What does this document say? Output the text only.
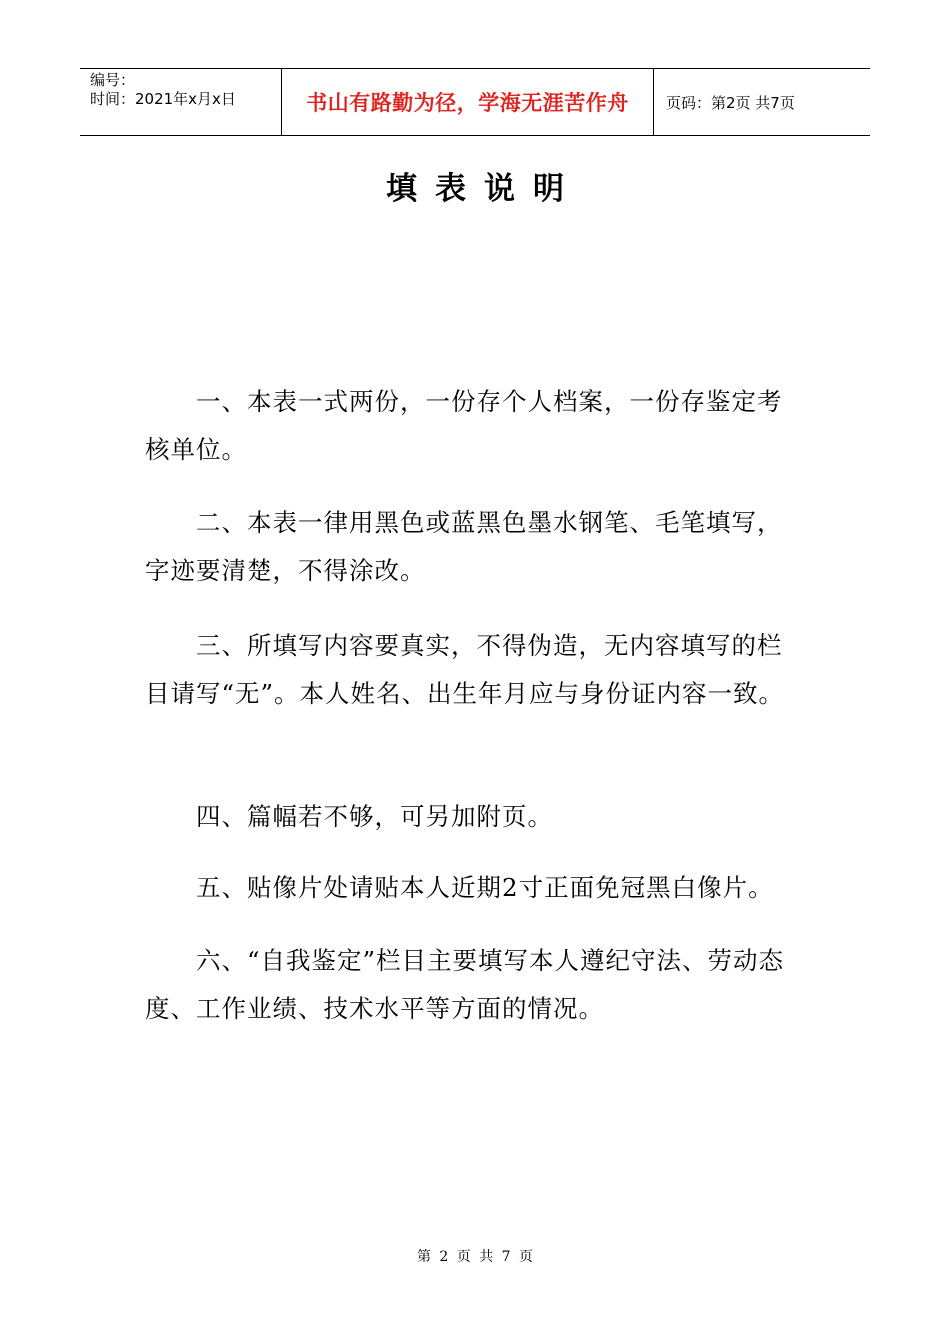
编号：
时间：2021年x月x日	书山有路勤为径，学海无涯苦作舟	页码：第2页 共7页
填表说明

一、本表一式两份，一份存个人档案，一份存鉴定考核单位。

二、本表一律用黑色或蓝黑色墨水钢笔、毛笔填写，字迹要清楚，不得涂改。

三、所填写内容要真实，不得伪造，无内容填写的栏目请写“无”。本人姓名、出生年月应与身份证内容一致。

四、篇幅若不够，可另加附页。

五、贴像片处请贴本人近期2寸正面免冠黑白像片。

六、“自我鉴定”栏目主要填写本人遵纪守法、劳动态度、工作业绩、技术水平等方面的情况。

第 2 页 共 7 页
